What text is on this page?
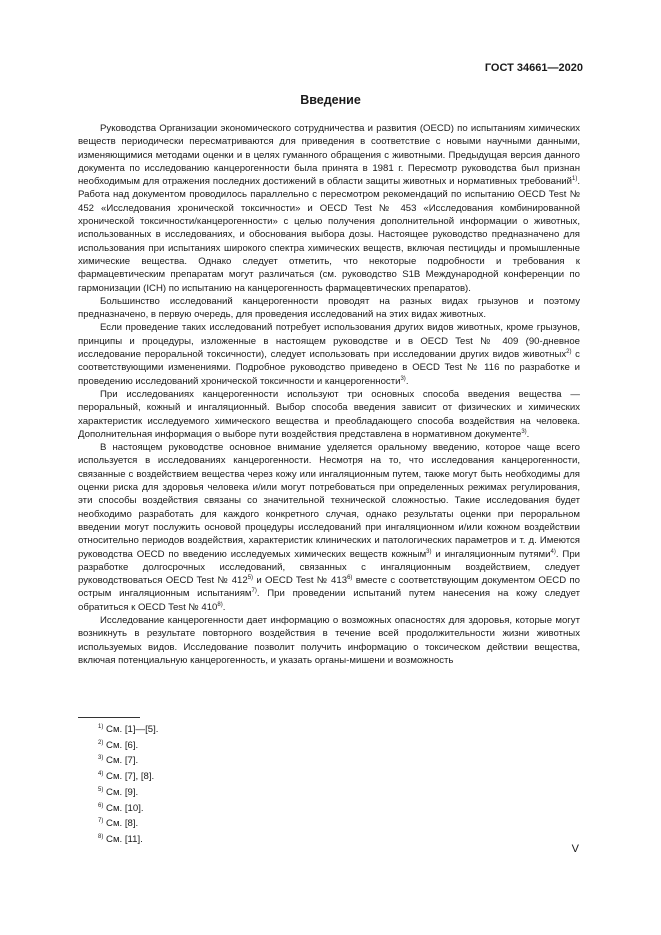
ГОСТ 34661—2020
Введение

Руководства Организации экономического сотрудничества и развития (OECD) по испытаниям химических веществ периодически пересматриваются для приведения в соответствие с новыми научными данными, изменяющимися методами оценки и в целях гуманного обращения с животными. Предыдущая версия данного документа по исследованию канцерогенности была принята в 1981 г. Пересмотр руководства был признан необходимым для отражения последних достижений в области защиты животных и нормативных требований$^{1)}$. Работа над документом проводилось параллельно с пересмотром рекомендаций по испытанию OECD Test № 452 «Исследования хронической токсичности» и OECD Test № 453 «Исследования комбинированной хронической токсичности/канцерогенности» с целью получения дополнительной информации о животных, использованных в исследованиях, и обоснования выбора дозы. Настоящее руководство предназначено для использования при испытаниях широкого спектра химических веществ, включая пестициды и промышленные химические вещества. Однако следует отметить, что некоторые подробности и требования к фармацевтическим препаратам могут различаться (см. руководство S1B Международной конференции по гармонизации (ICH) по испытанию на канцерогенность фармацевтических препаратов).

Большинство исследований канцерогенности проводят на разных видах грызунов и поэтому предназначено, в первую очередь, для проведения исследований на этих видах животных.

Если проведение таких исследований потребует использования других видов животных, кроме грызунов, принципы и процедуры, изложенные в настоящем руководстве и в OECD Test № 409 (90-дневное исследование пероральной токсичности), следует использовать при исследовании других видов животных$^{2)}$ с соответствующими изменениями. Подробное руководство приведено в OECD Test № 116 по разработке и проведению исследований хронической токсичности и канцерогенности$^{3)}$.

При исследованиях канцерогенности используют три основных способа введения вещества — пероральный, кожный и ингаляционный. Выбор способа введения зависит от физических и химических характеристик исследуемого химического вещества и преобладающего способа воздействия на человека. Дополнительная информация о выборе пути воздействия представлена в нормативном документе$^{3)}$.

В настоящем руководстве основное внимание уделяется оральному введению, которое чаще всего используется в исследованиях канцерогенности. Несмотря на то, что исследования канцерогенности, связанные с воздействием вещества через кожу или ингаляционным путем, также могут быть необходимы для оценки риска для здоровья человека и/или могут потребоваться при определенных режимах регулирования, эти способы воздействия связаны со значительной технической сложностью. Такие исследования будет необходимо разработать для каждого конкретного случая, однако результаты оценки при пероральном введении могут послужить основой процедуры исследований при ингаляционном и/или кожном воздействии относительно периодов воздействия, характеристик клинических и патологических параметров и т. д. Имеются руководства OECD по введению исследуемых химических веществ кожным$^{3)}$ и ингаляционным путями$^{4)}$. При разработке долгосрочных исследований, связанных с ингаляционным воздействием, следует руководствоваться OECD Test № 412$^{5)}$ и OECD Test № 413$^{6)}$ вместе с соответствующим документом OECD по острым ингаляционным испытаниям$^{7)}$. При проведении испытаний путем нанесения на кожу следует обратиться к OECD Test № 410$^{8)}$.

Исследование канцерогенности дает информацию о возможных опасностях для здоровья, которые могут возникнуть в результате повторного воздействия в течение всей продолжительности жизни животных используемых видов. Исследование позволит получить информацию о токсическом действии вещества, включая потенциальную канцерогенность, и указать органы-мишени и возможность

$^{1)}$ См. [1]—[5].
$^{2)}$ См. [6].
$^{3)}$ См. [7].
$^{4)}$ См. [7], [8].
$^{5)}$ См. [9].
$^{6)}$ См. [10].
$^{7)}$ См. [8].
$^{8)}$ См. [11].
V
